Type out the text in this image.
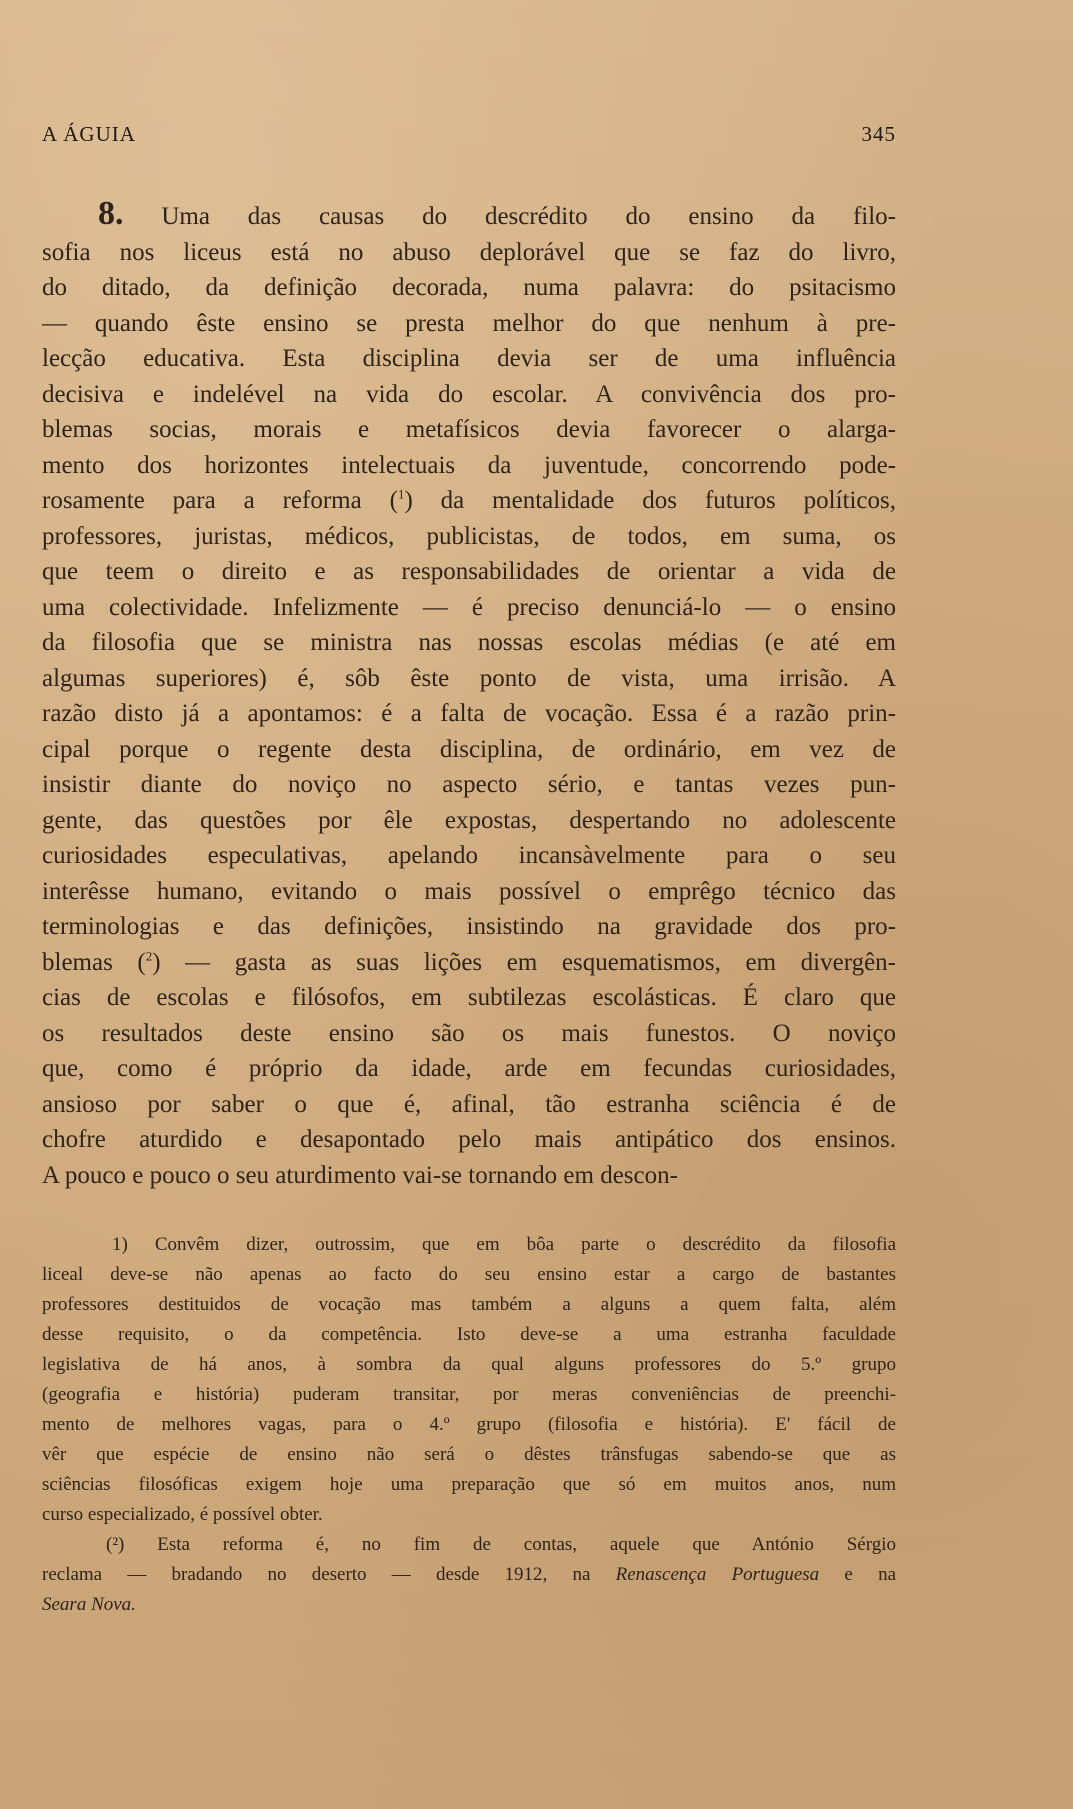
A ÁGUIA	345
8. Uma das causas do descrédito do ensino da filo-
sofia nos liceus está no abuso deplorável que se faz do livro,
do ditado, da definição decorada, numa palavra: do psitacismo
— quando êste ensino se presta melhor do que nenhum à pre-
lecção educativa. Esta disciplina devia ser de uma influência
decisiva e indelével na vida do escolar. A convivência dos pro-
blemas socias, morais e metafísicos devia favorecer o alarga-
mento dos horizontes intelectuais da juventude, concorrendo pode-
rosamente para a reforma ($^1$) da mentalidade dos futuros políticos,
professores, juristas, médicos, publicistas, de todos, em suma, os
que teem o direito e as responsabilidades de orientar a vida de
uma colectividade. Infelizmente — é preciso denunciá-lo — o ensino
da filosofia que se ministra nas nossas escolas médias (e até em
algumas superiores) é, sôb êste ponto de vista, uma irrisão. A
razão disto já a apontamos: é a falta de vocação. Essa é a razão prin-
cipal porque o regente desta disciplina, de ordinário, em vez de
insistir diante do noviço no aspecto sério, e tantas vezes pun-
gente, das questões por êle expostas, despertando no adolescente
curiosidades especulativas, apelando incansàvelmente para o seu
interêsse humano, evitando o mais possível o emprêgo técnico das
terminologias e das definições, insistindo na gravidade dos pro-
blemas ($^2$) — gasta as suas lições em esquematismos, em divergên-
cias de escolas e filósofos, em subtilezas escolásticas. É claro que
os resultados deste ensino são os mais funestos. O noviço
que, como é próprio da idade, arde em fecundas curiosidades,
ansioso por saber o que é, afinal, tão estranha sciência é de
chofre aturdido e desapontado pelo mais antipático dos ensinos.
A pouco e pouco o seu aturdimento vai-se tornando em descon-
1) Convêm dizer, outrossim, que em bôa parte o descrédito da filosofia
liceal deve-se não apenas ao facto do seu ensino estar a cargo de bastantes
professores destituidos de vocação mas também a alguns a quem falta, além
desse requisito, o da competência. Isto deve-se a uma estranha faculdade
legislativa de há anos, à sombra da qual alguns professores do 5.º grupo
(geografia e história) puderam transitar, por meras conveniências de preenchi-
mento de melhores vagas, para o 4.º grupo (filosofia e história). E' fácil de
vêr que espécie de ensino não será o dêstes trânsfugas sabendo-se que as
sciências filosóficas exigem hoje uma preparação que só em muitos anos, num
curso especializado, é possível obter.
(²) Esta reforma é, no fim de contas, aquele que António Sérgio
reclama — bradando no deserto — desde 1912, na Renascença Portuguesa e na
Seara Nova.
